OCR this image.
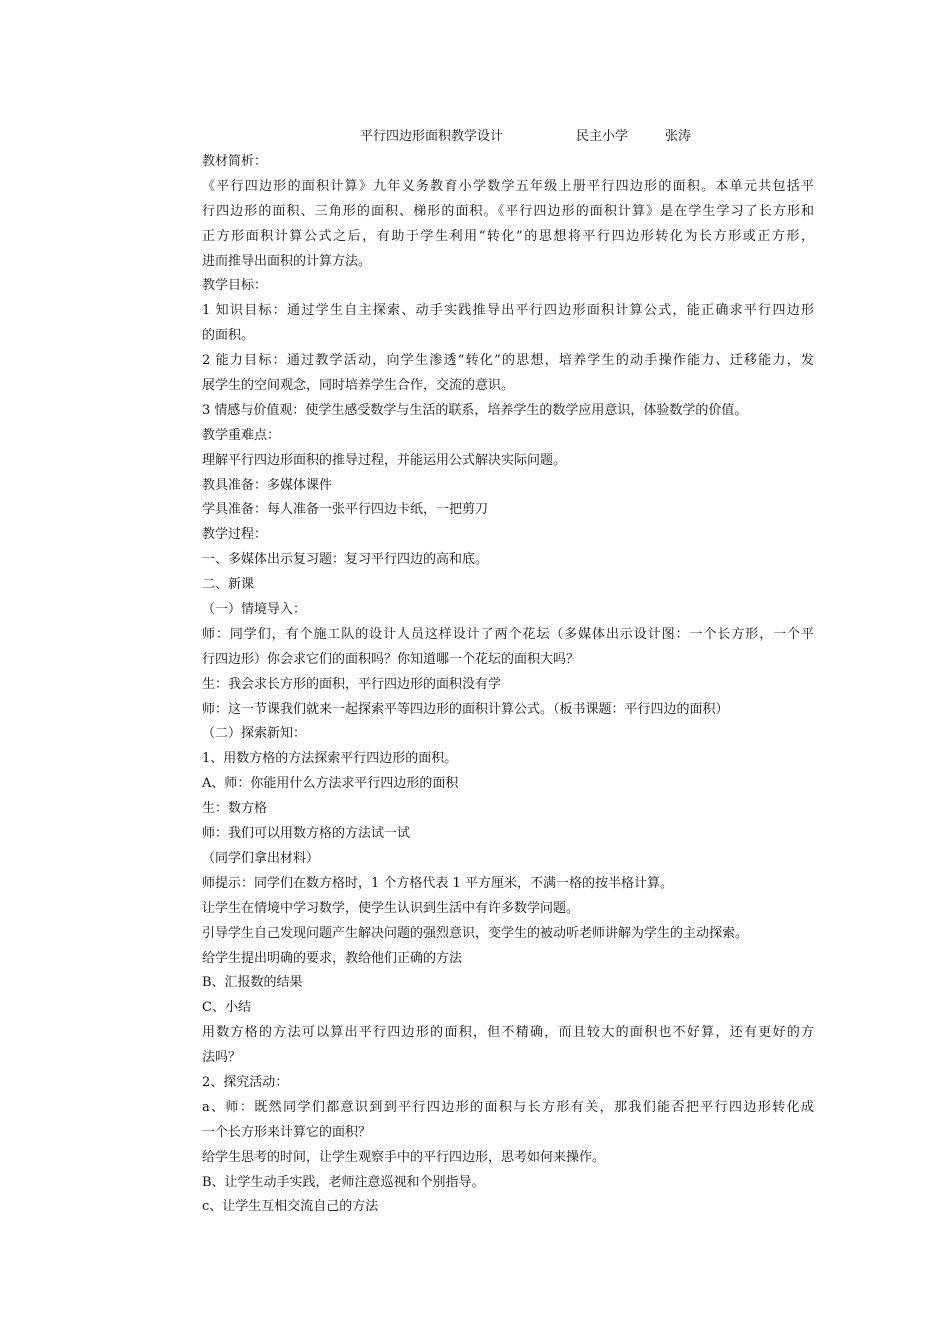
平行四边形面积教学设计	民主小学	张涛
教材简析：
《平行四边形的面积计算》九年义务教育小学数学五年级上册平行四边形的面积。本单元共包括平
行四边形的面积、三角形的面积、梯形的面积。《平行四边形的面积计算》是在学生学习了长方形和
正方形面积计算公式之后，有助于学生利用“转化”的思想将平行四边形转化为长方形或正方形，
进而推导出面积的计算方法。
教学目标：
1 知识目标：通过学生自主探索、动手实践推导出平行四边形面积计算公式，能正确求平行四边形
的面积。
2 能力目标：通过教学活动，向学生渗透“转化”的思想，培养学生的动手操作能力、迁移能力，发
展学生的空间观念，同时培养学生合作，交流的意识。
3 情感与价值观：使学生感受数学与生活的联系，培养学生的数学应用意识，体验数学的价值。
教学重难点：
理解平行四边形面积的推导过程，并能运用公式解决实际问题。
教具准备：多媒体课件
学具准备：每人准备一张平行四边卡纸，一把剪刀
教学过程：
一、多媒体出示复习题：复习平行四边的高和底。
二、新课
（一）情境导入：
师：同学们，有个施工队的设计人员这样设计了两个花坛（多媒体出示设计图：一个长方形，一个平
行四边形）你会求它们的面积吗？你知道哪一个花坛的面积大吗？
生：我会求长方形的面积，平行四边形的面积没有学
师：这一节课我们就来一起探索平等四边形的面积计算公式。（板书课题：平行四边的面积）
（二）探索新知：
1、用数方格的方法探索平行四边形的面积。
A、师：你能用什么方法求平行四边形的面积
生：数方格
师：我们可以用数方格的方法试一试
（同学们拿出材料）
师提示：同学们在数方格时，1 个方格代表 1 平方厘米，不满一格的按半格计算。
让学生在情境中学习数学，使学生认识到生活中有许多数学问题。
引导学生自己发现问题产生解决问题的强烈意识，变学生的被动听老师讲解为学生的主动探索。
给学生提出明确的要求，教给他们正确的方法
B、汇报数的结果
C、小结
用数方格的方法可以算出平行四边形的面积，但不精确，而且较大的面积也不好算，还有更好的方
法吗？
2、探究活动：
a、师：既然同学们都意识到到平行四边形的面积与长方形有关，那我们能否把平行四边形转化成
一个长方形来计算它的面积？
给学生思考的时间，让学生观察手中的平行四边形，思考如何来操作。
B、让学生动手实践，老师注意巡视和个别指导。
c、让学生互相交流自己的方法
